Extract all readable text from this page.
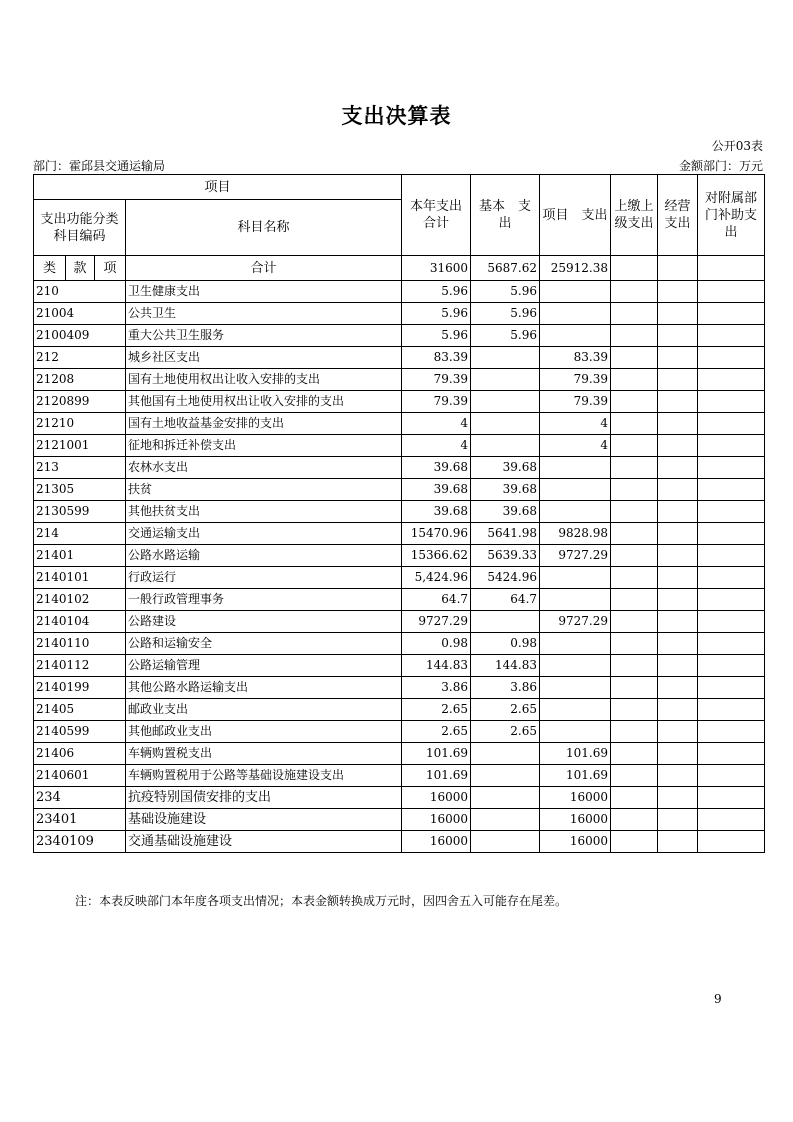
支出决算表
公开03表
部门：霍邱县交通运输局	金额部门：万元
项目				本年支出合计	基本　支出	项目　支出	上缴上级支出	经营支出	对附属部门补助支出
支出功能分类科目编码			科目名称						
类	款	项	合计	31600	5687.62	25912.38			
210			卫生健康支出	5.96	5.96				
21004			公共卫生	5.96	5.96				
2100409			重大公共卫生服务	5.96	5.96				
212			城乡社区支出	83.39		83.39			
21208			国有土地使用权出让收入安排的支出	79.39		79.39			
2120899			其他国有土地使用权出让收入安排的支出	79.39		79.39			
21210			国有土地收益基金安排的支出	4		4			
2121001			征地和拆迁补偿支出	4		4			
213			农林水支出	39.68	39.68				
21305			扶贫	39.68	39.68				
2130599			其他扶贫支出	39.68	39.68				
214			交通运输支出	15470.96	5641.98	9828.98			
21401			公路水路运输	15366.62	5639.33	9727.29			
2140101			行政运行	5,424.96	5424.96				
2140102			一般行政管理事务	64.7	64.7				
2140104			公路建设	9727.29		9727.29			
2140110			公路和运输安全	0.98	0.98				
2140112			公路运输管理	144.83	144.83				
2140199			其他公路水路运输支出	3.86	3.86				
21405			邮政业支出	2.65	2.65				
2140599			其他邮政业支出	2.65	2.65				
21406			车辆购置税支出	101.69		101.69			
2140601			车辆购置税用于公路等基础设施建设支出	101.69		101.69			
234			抗疫特别国债安排的支出	16000		16000			
23401			基础设施建设	16000		16000			
2340109			交通基础设施建设	16000		16000			
注：本表反映部门本年度各项支出情况；本表金额转换成万元时，因四舍五入可能存在尾差。
9
